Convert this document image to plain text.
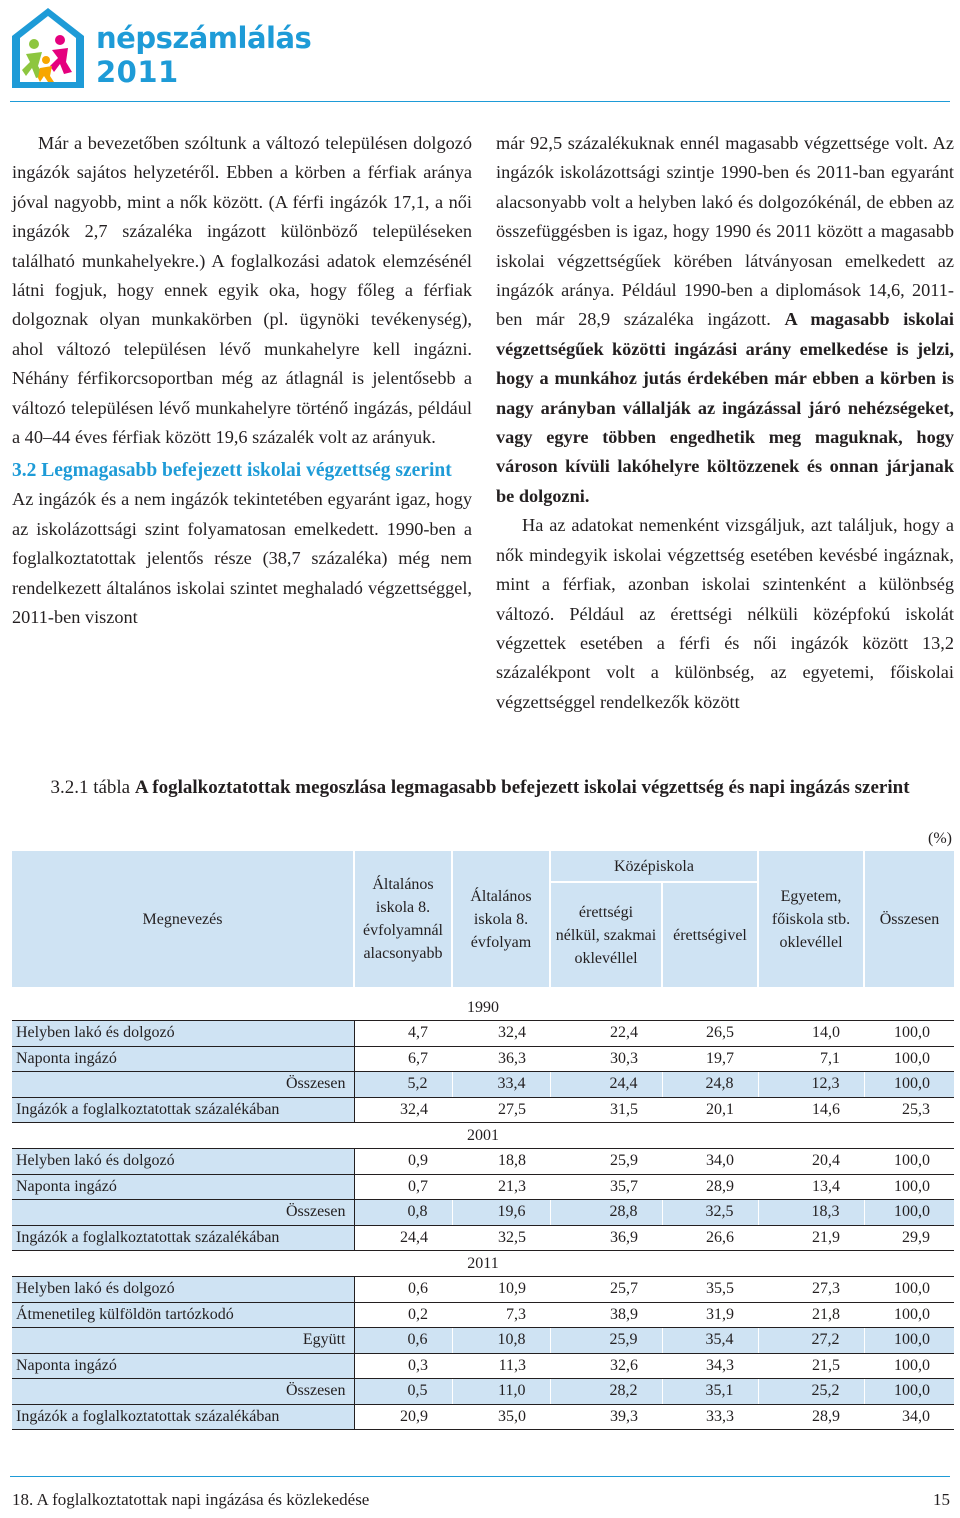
népszámlálás
2011

Már a bevezetőben szóltunk a változó településen dolgozó ingázók sajátos helyzetéről. Ebben a körben a férfiak aránya jóval nagyobb, mint a nők között. (A férfi ingázók 17,1, a női ingázók 2,7 százaléka ingázott különböző településeken található munkahelyekre.) A foglalkozási adatok elemzésénél látni fogjuk, hogy ennek egyik oka, hogy főleg a férfiak dolgoznak olyan munkakörben (pl. ügynöki tevékenység), ahol változó településen lévő munkahelyre kell ingázni. Néhány férfikorcsoportban még az átlagnál is jelentősebb a változó településen lévő munkahelyre történő ingázás, például a 40–44 éves férfiak között 19,6 százalék volt az arányuk.

3.2 Legmagasabb befejezett iskolai végzettség szerint

Az ingázók és a nem ingázók tekintetében egyaránt igaz, hogy az iskolázottsági szint folyamatosan emelkedett. 1990-ben a foglalkoztatottak jelentős része (38,7 százaléka) még nem rendelkezett általános iskolai szintet meghaladó végzettséggel, 2011-ben viszont

már 92,5 százalékuknak ennél magasabb végzettsége volt. Az ingázók iskolázottsági szintje 1990-ben és 2011-ban egyaránt alacsonyabb volt a helyben lakó és dolgozókénál, de ebben az összefüggésben is igaz, hogy 1990 és 2011 között a magasabb iskolai végzettségűek körében látványosan emelkedett az ingázók aránya. Például 1990-ben a diplomások 14,6, 2011-ben már 28,9 százaléka ingázott. A magasabb iskolai végzettségűek közötti ingázási arány emelkedése is jelzi, hogy a munkához jutás érdekében már ebben a körben is nagy arányban vállalják az ingázással járó nehézségeket, vagy egyre többen engedhetik meg maguknak, hogy városon kívüli lakóhelyre költözzenek és onnan járjanak be dolgozni.

Ha az adatokat nemenként vizsgáljuk, azt találjuk, hogy a nők mindegyik iskolai végzettség esetében kevésbé ingáznak, mint a férfiak, azonban iskolai szintenként a különbség változó. Például az érettségi nélküli középfokú iskolát végzettek esetében a férfi és női ingázók között 13,2 százalékpont volt a különbség, az egyetemi, főiskolai végzettséggel rendelkezők között

3.2.1 tábla A foglalkoztatottak megoszlása legmagasabb befejezett iskolai végzettség és napi ingázás szerint
(%)
Megnevezés	Általános iskola 8. évfolyamnál alacsonyabb	Általános iskola 8. évfolyam	Középiskola		Egyetem, főiskola stb. oklevéllel	Összesen
			érettségi nélkül, szakmai oklevéllel	érettségivel		

1990						
Helyben lakó és dolgozó	4,7	32,4	22,4	26,5	14,0	100,0
Naponta ingázó	6,7	36,3	30,3	19,7	7,1	100,0
Összesen	5,2	33,4	24,4	24,8	12,3	100,0
Ingázók a foglalkoztatottak százalékában	32,4	27,5	31,5	20,1	14,6	25,3
2001						
Helyben lakó és dolgozó	0,9	18,8	25,9	34,0	20,4	100,0
Naponta ingázó	0,7	21,3	35,7	28,9	13,4	100,0
Összesen	0,8	19,6	28,8	32,5	18,3	100,0
Ingázók a foglalkoztatottak százalékában	24,4	32,5	36,9	26,6	21,9	29,9
2011						
Helyben lakó és dolgozó	0,6	10,9	25,7	35,5	27,3	100,0
Átmenetileg külföldön tartózkodó	0,2	7,3	38,9	31,9	21,8	100,0
Együtt	0,6	10,8	25,9	35,4	27,2	100,0
Naponta ingázó	0,3	11,3	32,6	34,3	21,5	100,0
Összesen	0,5	11,0	28,2	35,1	25,2	100,0
Ingázók a foglalkoztatottak százalékában	20,9	35,0	39,3	33,3	28,9	34,0
18. A foglalkoztatottak napi ingázása és közlekedése	15
